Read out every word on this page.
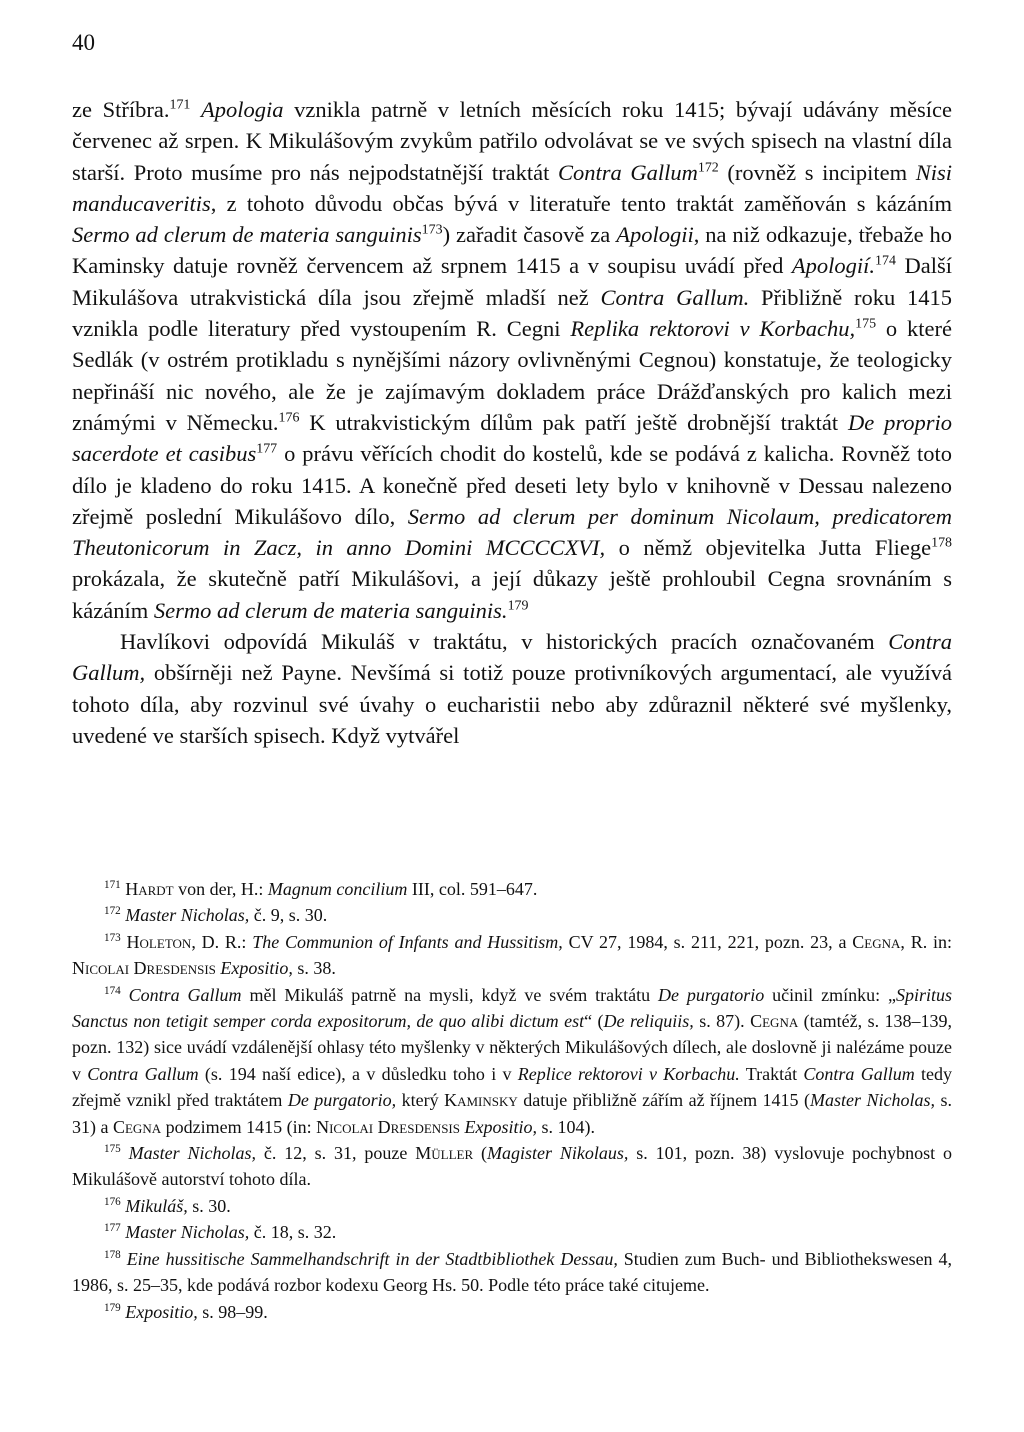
40

ze Stříbra.$^{171}$ Apologia vznikla patrně v letních měsících roku 1415; bývají udávány měsíce červenec až srpen. K Mikulášovým zvykům patřilo odvolávat se ve svých spisech na vlastní díla starší. Proto musíme pro nás nejpodstatnější traktát Contra Gallum$^{172}$ (rovněž s incipitem Nisi manducaveritis, z tohoto důvodu občas bývá v literatuře tento traktát zaměňován s kázáním Sermo ad clerum de materia sanguinis$^{173}$) zařadit časově za Apologii, na niž odkazuje, třebaže ho Kaminsky datuje rovněž červencem až srpnem 1415 a v soupisu uvádí před Apologií.$^{174}$ Další Mikulášova utrakvistická díla jsou zřejmě mladší než Contra Gallum. Přibližně roku 1415 vznikla podle literatury před vystoupením R. Cegni Replika rektorovi v Korbachu,$^{175}$ o které Sedlák (v ostrém protikladu s nynějšími názory ovlivněnými Cegnou) konstatuje, že teologicky nepřináší nic nového, ale že je zajímavým dokladem práce Drážďanských pro kalich mezi známými v Německu.$^{176}$ K utrakvistickým dílům pak patří ještě drobnější traktát De proprio sacerdote et casibus$^{177}$ o právu věřících chodit do kostelů, kde se podává z kalicha. Rovněž toto dílo je kladeno do roku 1415. A konečně před deseti lety bylo v knihovně v Dessau nalezeno zřejmě poslední Mikulášovo dílo, Sermo ad clerum per dominum Nicolaum, predicatorem Theutonicorum in Zacz, in anno Domini MCCCCXVI, o němž objevitelka Jutta Fliege$^{178}$ prokázala, že skutečně patří Mikulášovi, a její důkazy ještě prohloubil Cegna srovnáním s kázáním Sermo ad clerum de materia sanguinis.$^{179}$

Havlíkovi odpovídá Mikuláš v traktátu, v historických pracích označovaném Contra Gallum, obšírněji než Payne. Nevšímá si totiž pouze protivníkových argumentací, ale využívá tohoto díla, aby rozvinul své úvahy o eucharistii nebo aby zdůraznil některé své myšlenky, uvedené ve starších spisech. Když vytvářel

$^{171}$ Hardt von der, H.: Magnum concilium III, col. 591–647.

$^{172}$ Master Nicholas, č. 9, s. 30.

$^{173}$ Holeton, D. R.: The Communion of Infants and Hussitism, CV 27, 1984, s. 211, 221, pozn. 23, a Cegna, R. in: Nicolai Dresdensis Expositio, s. 38.

$^{174}$ Contra Gallum měl Mikuláš patrně na mysli, když ve svém traktátu De purgatorio učinil zmínku: „Spiritus Sanctus non tetigit semper corda expositorum, de quo alibi dictum est“ (De reliquiis, s. 87). Cegna (tamtéž, s. 138–139, pozn. 132) sice uvádí vzdálenější ohlasy této myšlenky v některých Mikulášových dílech, ale doslovně ji nalézáme pouze v Contra Gallum (s. 194 naší edice), a v důsledku toho i v Replice rektorovi v Korbachu. Traktát Contra Gallum tedy zřejmě vznikl před traktátem De purgatorio, který Kaminsky datuje přibližně zářím až říjnem 1415 (Master Nicholas, s. 31) a Cegna podzimem 1415 (in: Nicolai Dresdensis Expositio, s. 104).

$^{175}$ Master Nicholas, č. 12, s. 31, pouze Müller (Magister Nikolaus, s. 101, pozn. 38) vyslovuje pochybnost o Mikulášově autorství tohoto díla.

$^{176}$ Mikuláš, s. 30.

$^{177}$ Master Nicholas, č. 18, s. 32.

$^{178}$ Eine hussitische Sammelhandschrift in der Stadtbibliothek Dessau, Studien zum Buch- und Bibliothekswesen 4, 1986, s. 25–35, kde podává rozbor kodexu Georg Hs. 50. Podle této práce také citujeme.

$^{179}$ Expositio, s. 98–99.
